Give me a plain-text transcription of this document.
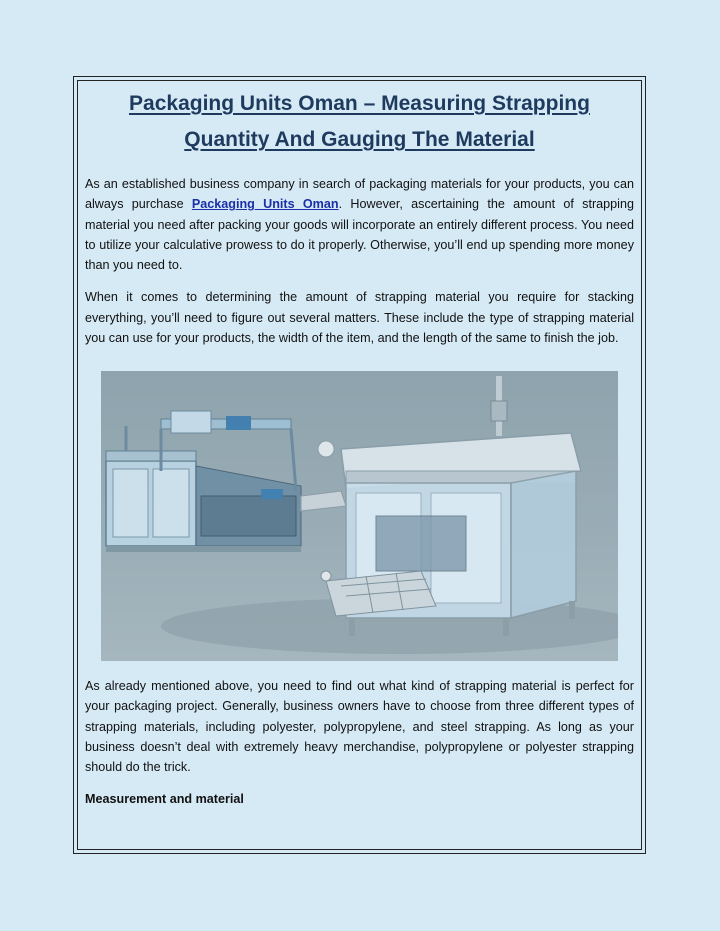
Packaging Units Oman – Measuring Strapping Quantity And Gauging The Material

As an established business company in search of packaging materials for your products, you can always purchase Packaging Units Oman. However, ascertaining the amount of strapping material you need after packing your goods will incorporate an entirely different process. You need to utilize your calculative prowess to do it properly. Otherwise, you’ll end up spending more money than you need to.

When it comes to determining the amount of strapping material you require for stacking everything, you’ll need to figure out several matters. These include the type of strapping material you can use for your products, the width of the item, and the length of the same to finish the job.

As already mentioned above, you need to find out what kind of strapping material is perfect for your packaging project. Generally, business owners have to choose from three different types of strapping materials, including polyester, polypropylene, and steel strapping. As long as your business doesn’t deal with extremely heavy merchandise, polypropylene or polyester strapping should do the trick.

Measurement and material
